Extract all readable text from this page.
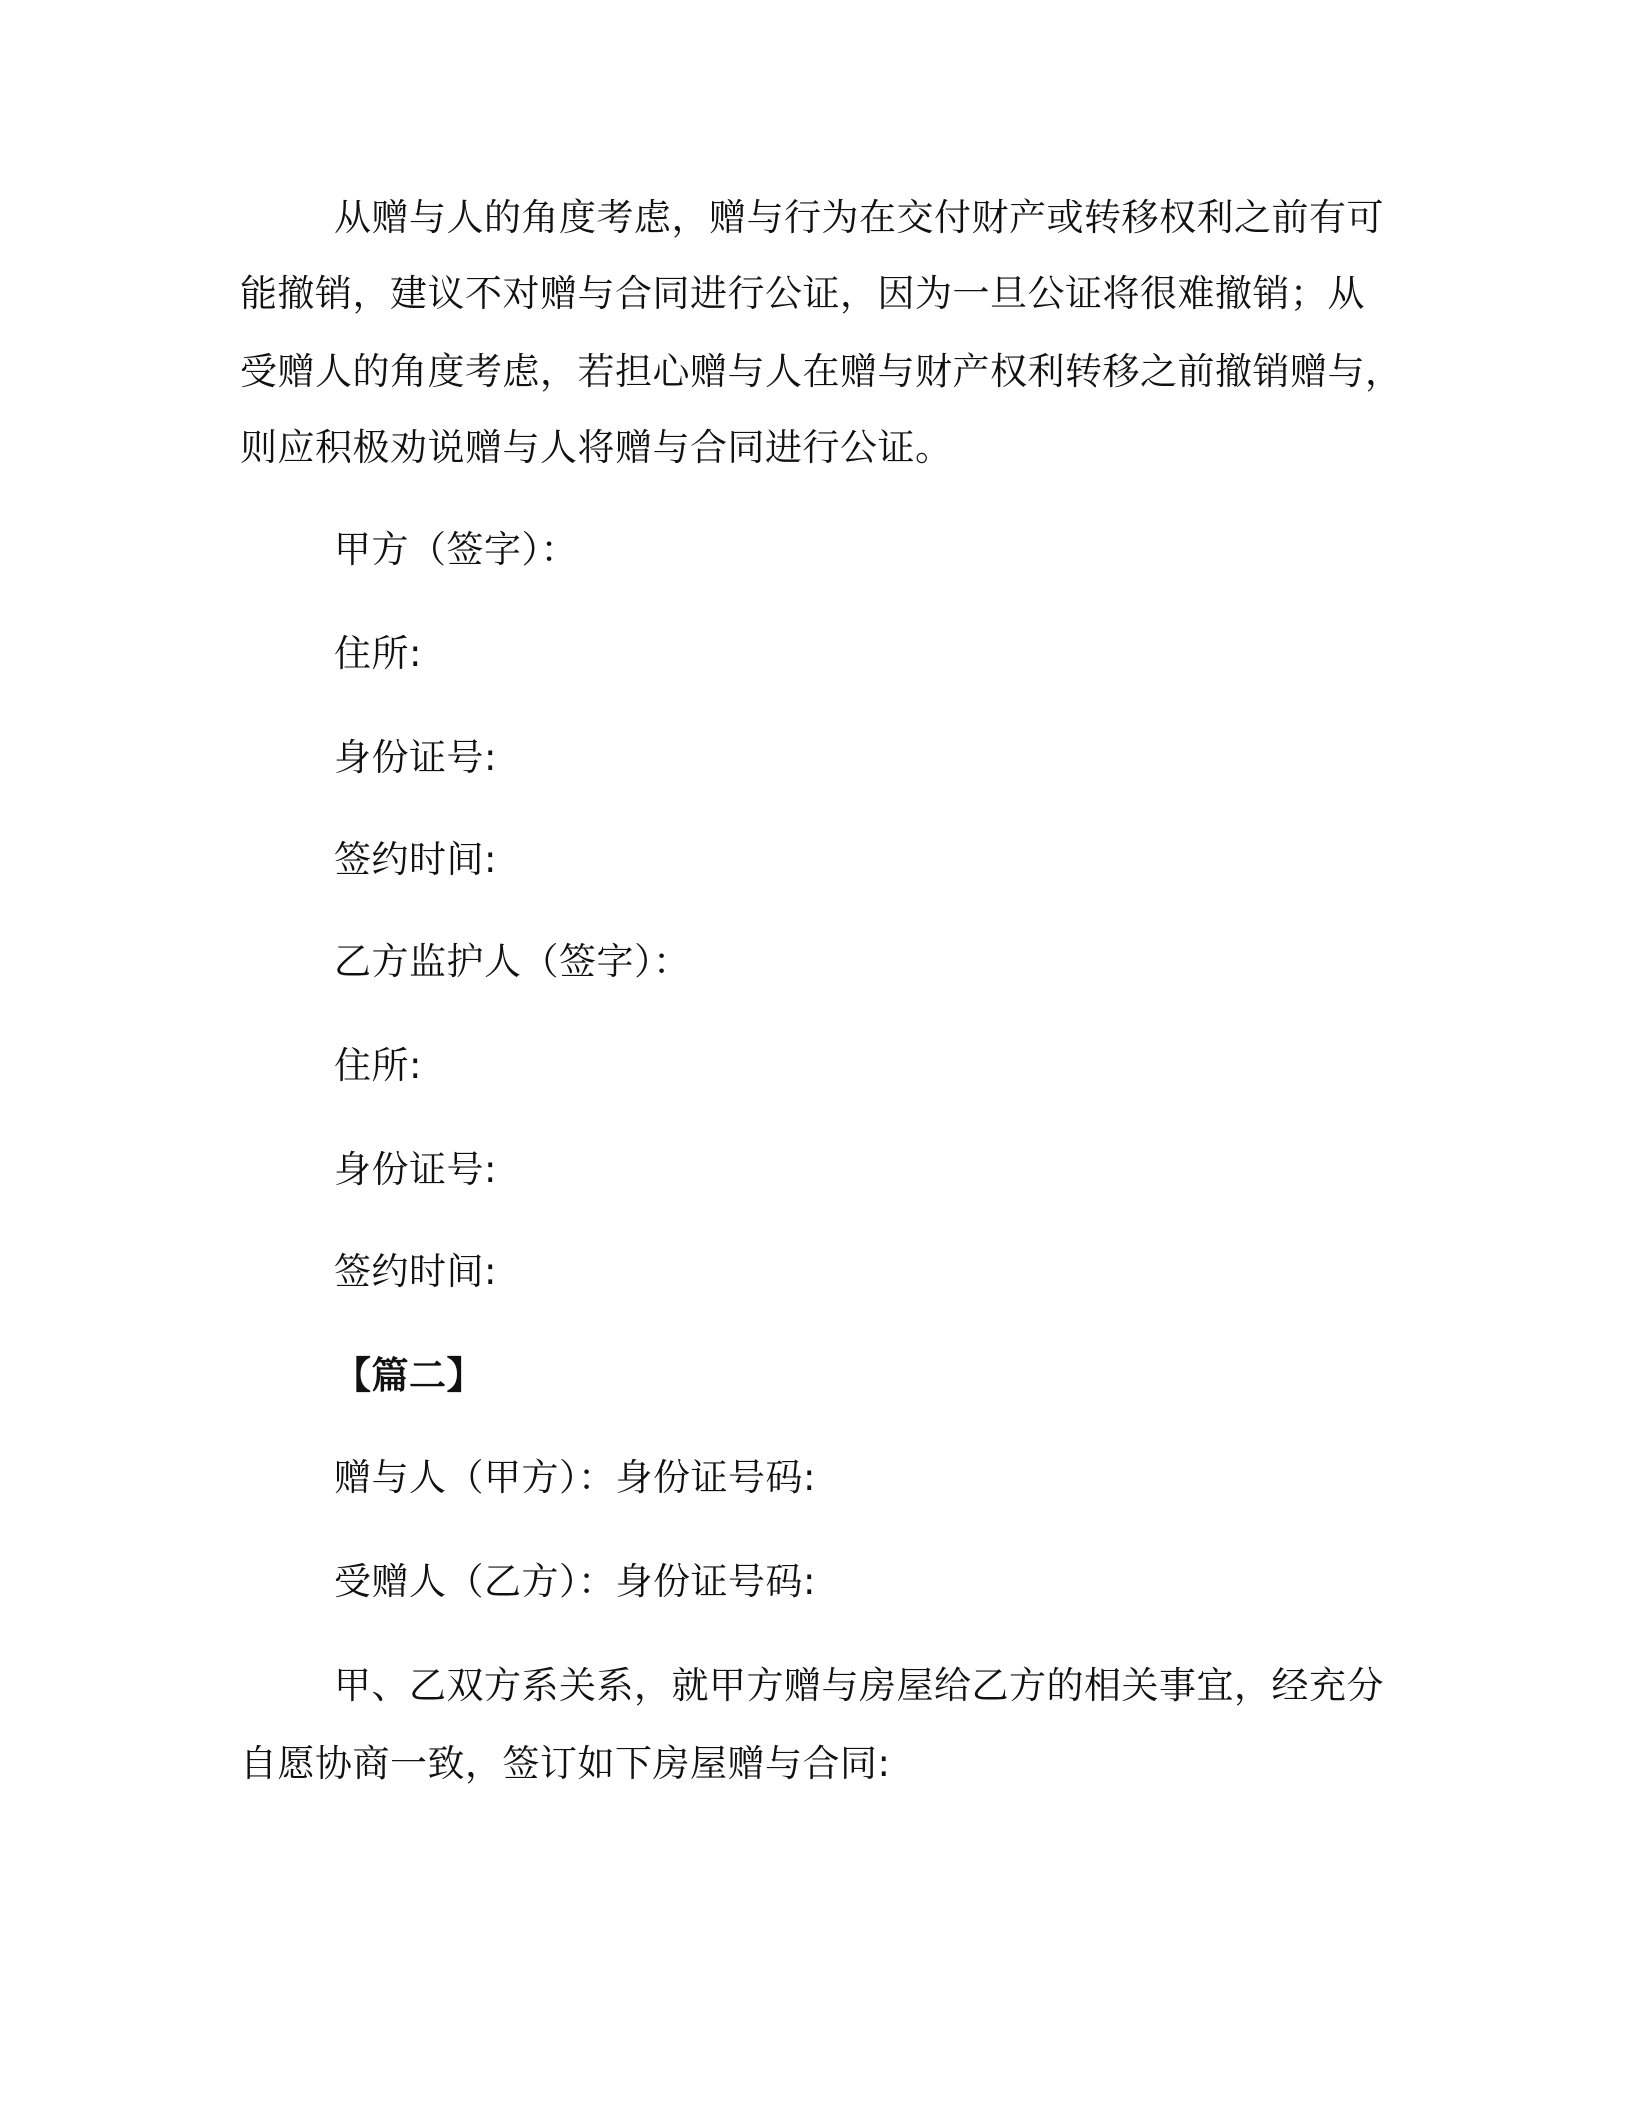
从赠与人的角度考虑，赠与行为在交付财产或转移权利之前有可
能撤销，建议不对赠与合同进行公证，因为一旦公证将很难撤销；从
受赠人的角度考虑，若担心赠与人在赠与财产权利转移之前撤销赠与，
则应积极劝说赠与人将赠与合同进行公证。
甲方（签字）：
住所:
身份证号:
签约时间:
乙方监护人（签字）：
住所:
身份证号:
签约时间:
【篇二】
赠与人（甲方）：身份证号码:
受赠人（乙方）：身份证号码:
甲、乙双方系关系，就甲方赠与房屋给乙方的相关事宜，经充分
自愿协商一致，签订如下房屋赠与合同:
